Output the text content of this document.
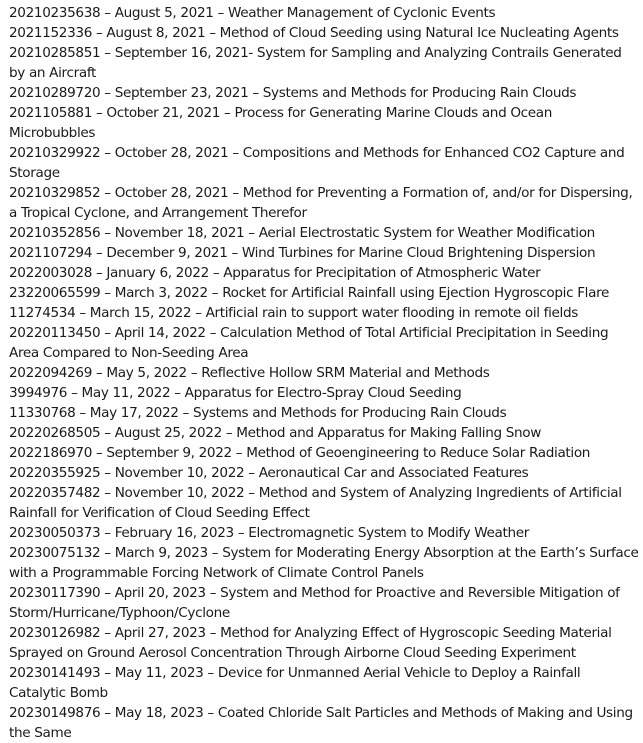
20210235638 – August 5, 2021 – Weather Management of Cyclonic Events

2021152336 – August 8, 2021 – Method of Cloud Seeding using Natural Ice Nucleating Agents

20210285851 – September 16, 2021- System for Sampling and Analyzing Contrails Generated by an Aircraft

20210289720 – September 23, 2021 – Systems and Methods for Producing Rain Clouds

2021105881 – October 21, 2021 – Process for Generating Marine Clouds and Ocean Microbubbles

20210329922 – October 28, 2021 – Compositions and Methods for Enhanced CO2 Capture and Storage

20210329852 – October 28, 2021 – Method for Preventing a Formation of, and/or for Dispersing, a Tropical Cyclone, and Arrangement Therefor

20210352856 – November 18, 2021 – Aerial Electrostatic System for Weather Modification

2021107294 – December 9, 2021 – Wind Turbines for Marine Cloud Brightening Dispersion

2022003028 – January 6, 2022 – Apparatus for Precipitation of Atmospheric Water

23220065599 – March 3, 2022 – Rocket for Artificial Rainfall using Ejection Hygroscopic Flare

11274534 – March 15, 2022 – Artificial rain to support water flooding in remote oil fields

20220113450 – April 14, 2022 – Calculation Method of Total Artificial Precipitation in Seeding Area Compared to Non-Seeding Area

2022094269 – May 5, 2022 – Reflective Hollow SRM Material and Methods

3994976 – May 11, 2022 – Apparatus for Electro-Spray Cloud Seeding

11330768 – May 17, 2022 – Systems and Methods for Producing Rain Clouds

20220268505 – August 25, 2022 – Method and Apparatus for Making Falling Snow

2022186970 – September 9, 2022 – Method of Geoengineering to Reduce Solar Radiation

20220355925 – November 10, 2022 – Aeronautical Car and Associated Features

20220357482 – November 10, 2022 – Method and System of Analyzing Ingredients of Artificial Rainfall for Verification of Cloud Seeding Effect

20230050373 – February 16, 2023 – Electromagnetic System to Modify Weather

20230075132 – March 9, 2023 – System for Moderating Energy Absorption at the Earth’s Surface with a Programmable Forcing Network of Climate Control Panels

20230117390 – April 20, 2023 – System and Method for Proactive and Reversible Mitigation of Storm/Hurricane/Typhoon/Cyclone

20230126982 – April 27, 2023 – Method for Analyzing Effect of Hygroscopic Seeding Material Sprayed on Ground Aerosol Concentration Through Airborne Cloud Seeding Experiment

20230141493 – May 11, 2023 – Device for Unmanned Aerial Vehicle to Deploy a Rainfall Catalytic Bomb

20230149876 – May 18, 2023 – Coated Chloride Salt Particles and Methods of Making and Using the Same
